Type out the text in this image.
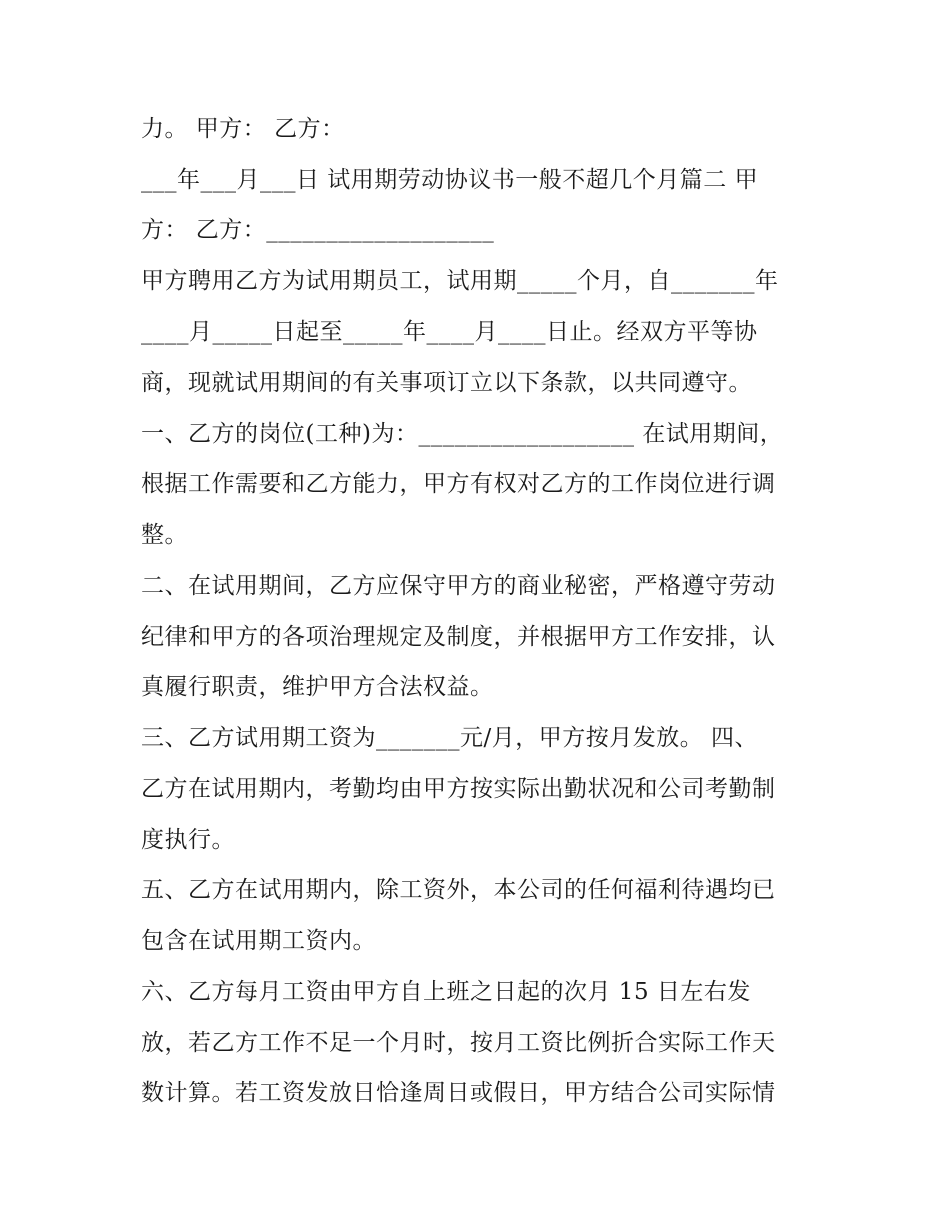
力。 甲方： 乙方：
___年___月___日 试用期劳动协议书一般不超几个月篇二 甲
方： 乙方：___________________
甲方聘用乙方为试用期员工，试用期_____个月，自_______年
____月_____日起至_____年____月____日止。经双方平等协
商，现就试用期间的有关事项订立以下条款，以共同遵守。
一、乙方的岗位(工种)为：__________________ 在试用期间，
根据工作需要和乙方能力，甲方有权对乙方的工作岗位进行调
整。
二、在试用期间，乙方应保守甲方的商业秘密，严格遵守劳动
纪律和甲方的各项治理规定及制度，并根据甲方工作安排，认
真履行职责，维护甲方合法权益。
三、乙方试用期工资为_______元/月，甲方按月发放。 四、
乙方在试用期内，考勤均由甲方按实际出勤状况和公司考勤制
度执行。
五、乙方在试用期内，除工资外，本公司的任何福利待遇均已
包含在试用期工资内。
六、乙方每月工资由甲方自上班之日起的次月 15 日左右发
放，若乙方工作不足一个月时，按月工资比例折合实际工作天
数计算。若工资发放日恰逢周日或假日，甲方结合公司实际情
